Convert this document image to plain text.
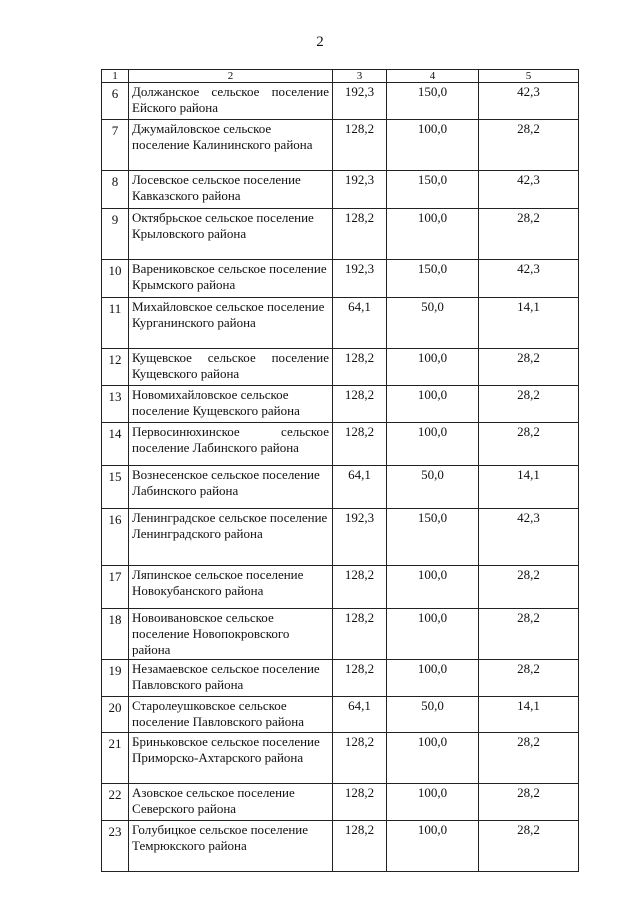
2
1	2	3	4	5
6	Должанское сельское поселение Ейского района	192,3	150,0	42,3
7	Джумайловское сельское поселение Калининского района	128,2	100,0	28,2
8	Лосевское сельское поселение Кавказского района	192,3	150,0	42,3
9	Октябрьское сельское поселение Крыловского района	128,2	100,0	28,2
10	Варениковское сельское поселение Крымского района	192,3	150,0	42,3
11	Михайловское сельское поселение Курганинского района	64,1	50,0	14,1
12	Кущевское сельское поселение Кущевского района	128,2	100,0	28,2
13	Новомихайловское сельское поселение Кущевского района	128,2	100,0	28,2
14	Первосинюхинское сельское поселение Лабинского района	128,2	100,0	28,2
15	Вознесенское сельское поселение Лабинского района	64,1	50,0	14,1
16	Ленинградское сельское поселение Ленинградского района	192,3	150,0	42,3
17	Ляпинское сельское поселение Новокубанского района	128,2	100,0	28,2
18	Новоивановское сельское поселение Новопокровского района	128,2	100,0	28,2
19	Незамаевское сельское поселение Павловского района	128,2	100,0	28,2
20	Старолеушковское сельское поселение Павловского района	64,1	50,0	14,1
21	Бриньковское сельское поселение Приморско-Ахтарского района	128,2	100,0	28,2
22	Азовское сельское поселение Северского района	128,2	100,0	28,2
23	Голубицкое сельское поселение Темрюкского района	128,2	100,0	28,2
